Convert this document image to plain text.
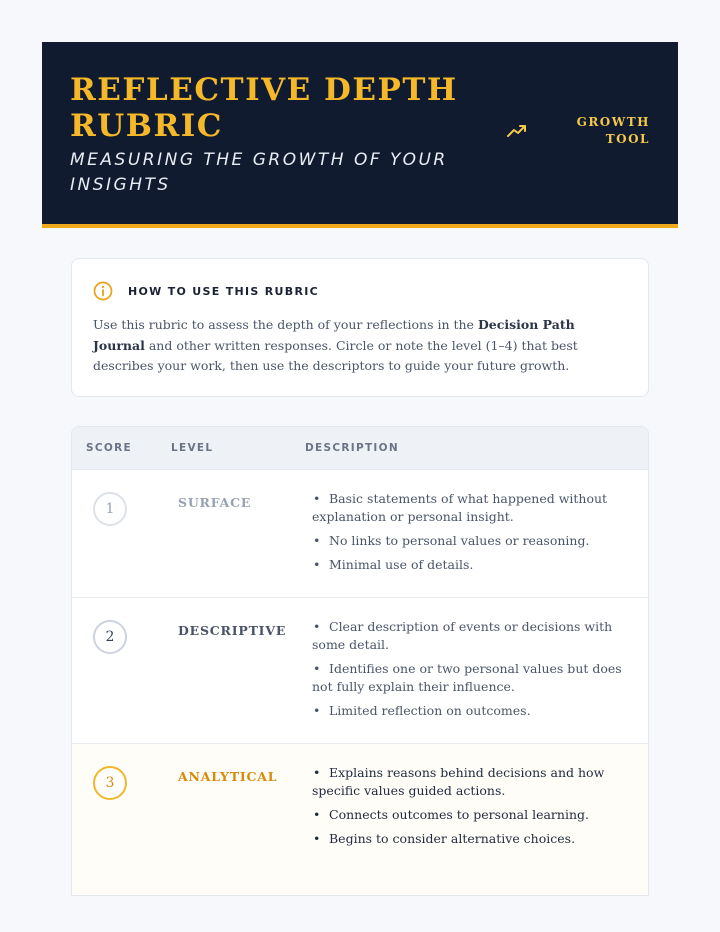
REFLECTIVE DEPTH RUBRIC
MEASURING THE GROWTH OF YOUR INSIGHTS
GROWTH
TOOL
HOW TO USE THIS RUBRIC

Use this rubric to assess the depth of your reflections in the Decision Path Journal and other written responses. Circle or note the level (1–4) that best describes your work, then use the descriptors to guide your future growth.

SCORE	LEVEL	DESCRIPTION
1	SURFACE	• Basic statements of what happened without explanation or personal insight.
• No links to personal values or reasoning.
• Minimal use of details.
2	DESCRIPTIVE • Clear description of events or decisions with some detail.
• Identifies one or two personal values but does not fully explain their influence.
• Limited reflection on outcomes.
3	ANALYTICAL	• Explains reasons behind decisions and how specific values guided actions.
• Connects outcomes to personal learning.
• Begins to consider alternative choices.
